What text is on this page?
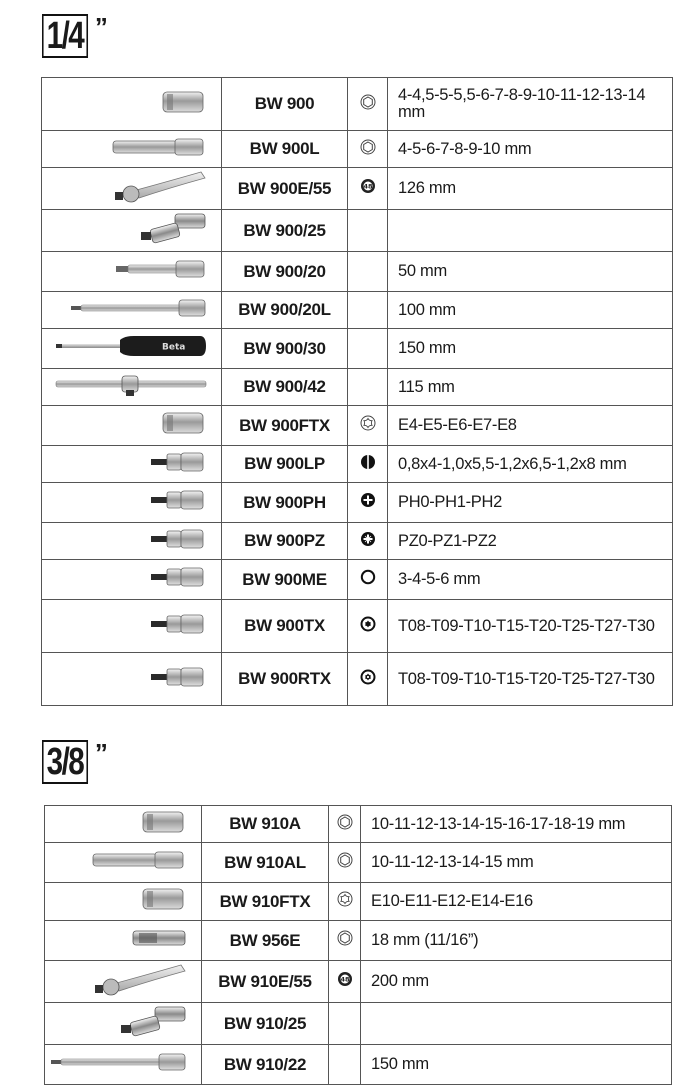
1/4 ”
	BW 900		4-4,5-5-5,5-6-7-8-9-10-11-12-13-14 mm
	BW 900L		4-5-6-7-8-9-10 mm
	BW 900E/55	48	126 mm
	BW 900/25		
	BW 900/20		50 mm
	BW 900/20L		100 mm

Beta	BW 900/30		150 mm
	BW 900/42		115 mm
	BW 900FTX		E4-E5-E6-E7-E8
	BW 900LP		0,8x4-1,0x5,5-1,2x6,5-1,2x8 mm
	BW 900PH		PH0-PH1-PH2
	BW 900PZ		PZ0-PZ1-PZ2
	BW 900ME		3-4-5-6 mm
	BW 900TX		T08-T09-T10-T15-T20-T25-T27-T30
	BW 900RTX		T08-T09-T10-T15-T20-T25-T27-T30
3/8 ”
	BW 910A		10-11-12-13-14-15-16-17-18-19 mm
	BW 910AL		10-11-12-13-14-15 mm
	BW 910FTX		E10-E11-E12-E14-E16
	BW 956E		18 mm (11/16”)
	BW 910E/55	48	200 mm
	BW 910/25		
	BW 910/22		150 mm
